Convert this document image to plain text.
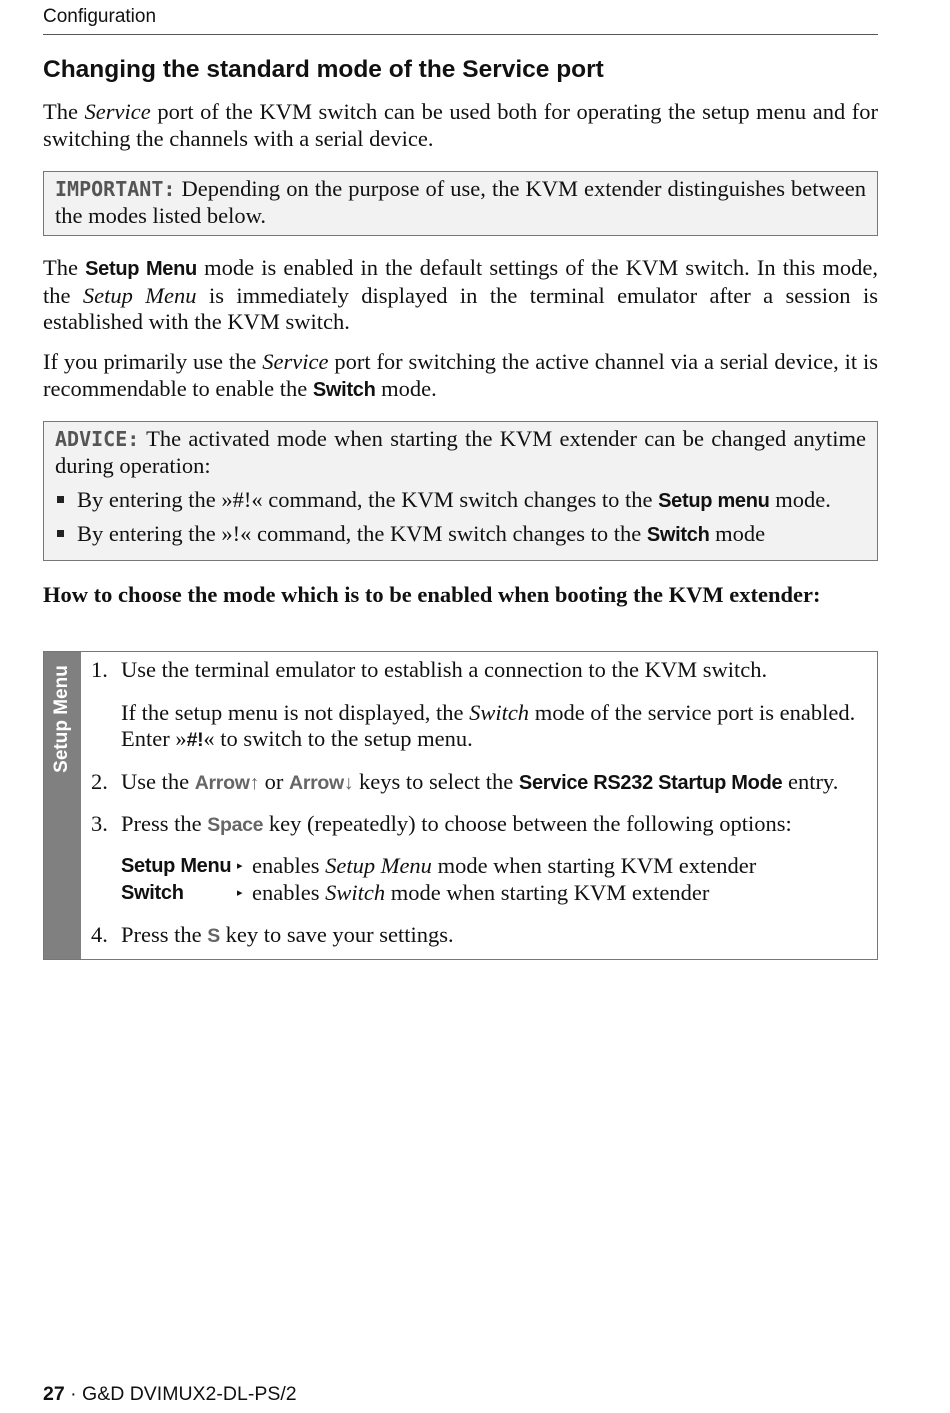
Configuration
Changing the standard mode of the Service port

The Service port of the KVM switch can be used both for operating the setup menu and for switching the channels with a serial device.

IMPORTANT: Depending on the purpose of use, the KVM extender distinguishes between the modes listed below.

The Setup Menu mode is enabled in the default settings of the KVM switch. In this mode, the Setup Menu is immediately displayed in the terminal emulator after a session is established with the KVM switch.

If you primarily use the Service port for switching the active channel via a serial device, it is recommendable to enable the Switch mode.

ADVICE: The activated mode when starting the KVM extender can be changed anytime during operation:
By entering the »#!« command, the KVM switch changes to the Setup menu mode.
By entering the »!« command, the KVM switch changes to the Switch mode

How to choose the mode which is to be enabled when booting the KVM extender:

Setup Menu 1. Use the terminal emulator to establish a connection to the KVM switch.
If the setup menu is not displayed, the Switch mode of the service port is enabled. Enter »#!« to switch to the setup menu.
2. Use the Arrow↑ or Arrow↓ keys to select the Service RS232 Startup Mode entry.
3. Press the Space key (repeatedly) to choose between the following options:
Setup Menu ▸ enables Setup Menu mode when starting KVM extender
Switch	▸ enables Switch mode when starting KVM extender
4. Press the S key to save your settings.
27 · G&D DVIMUX2-DL-PS/2
